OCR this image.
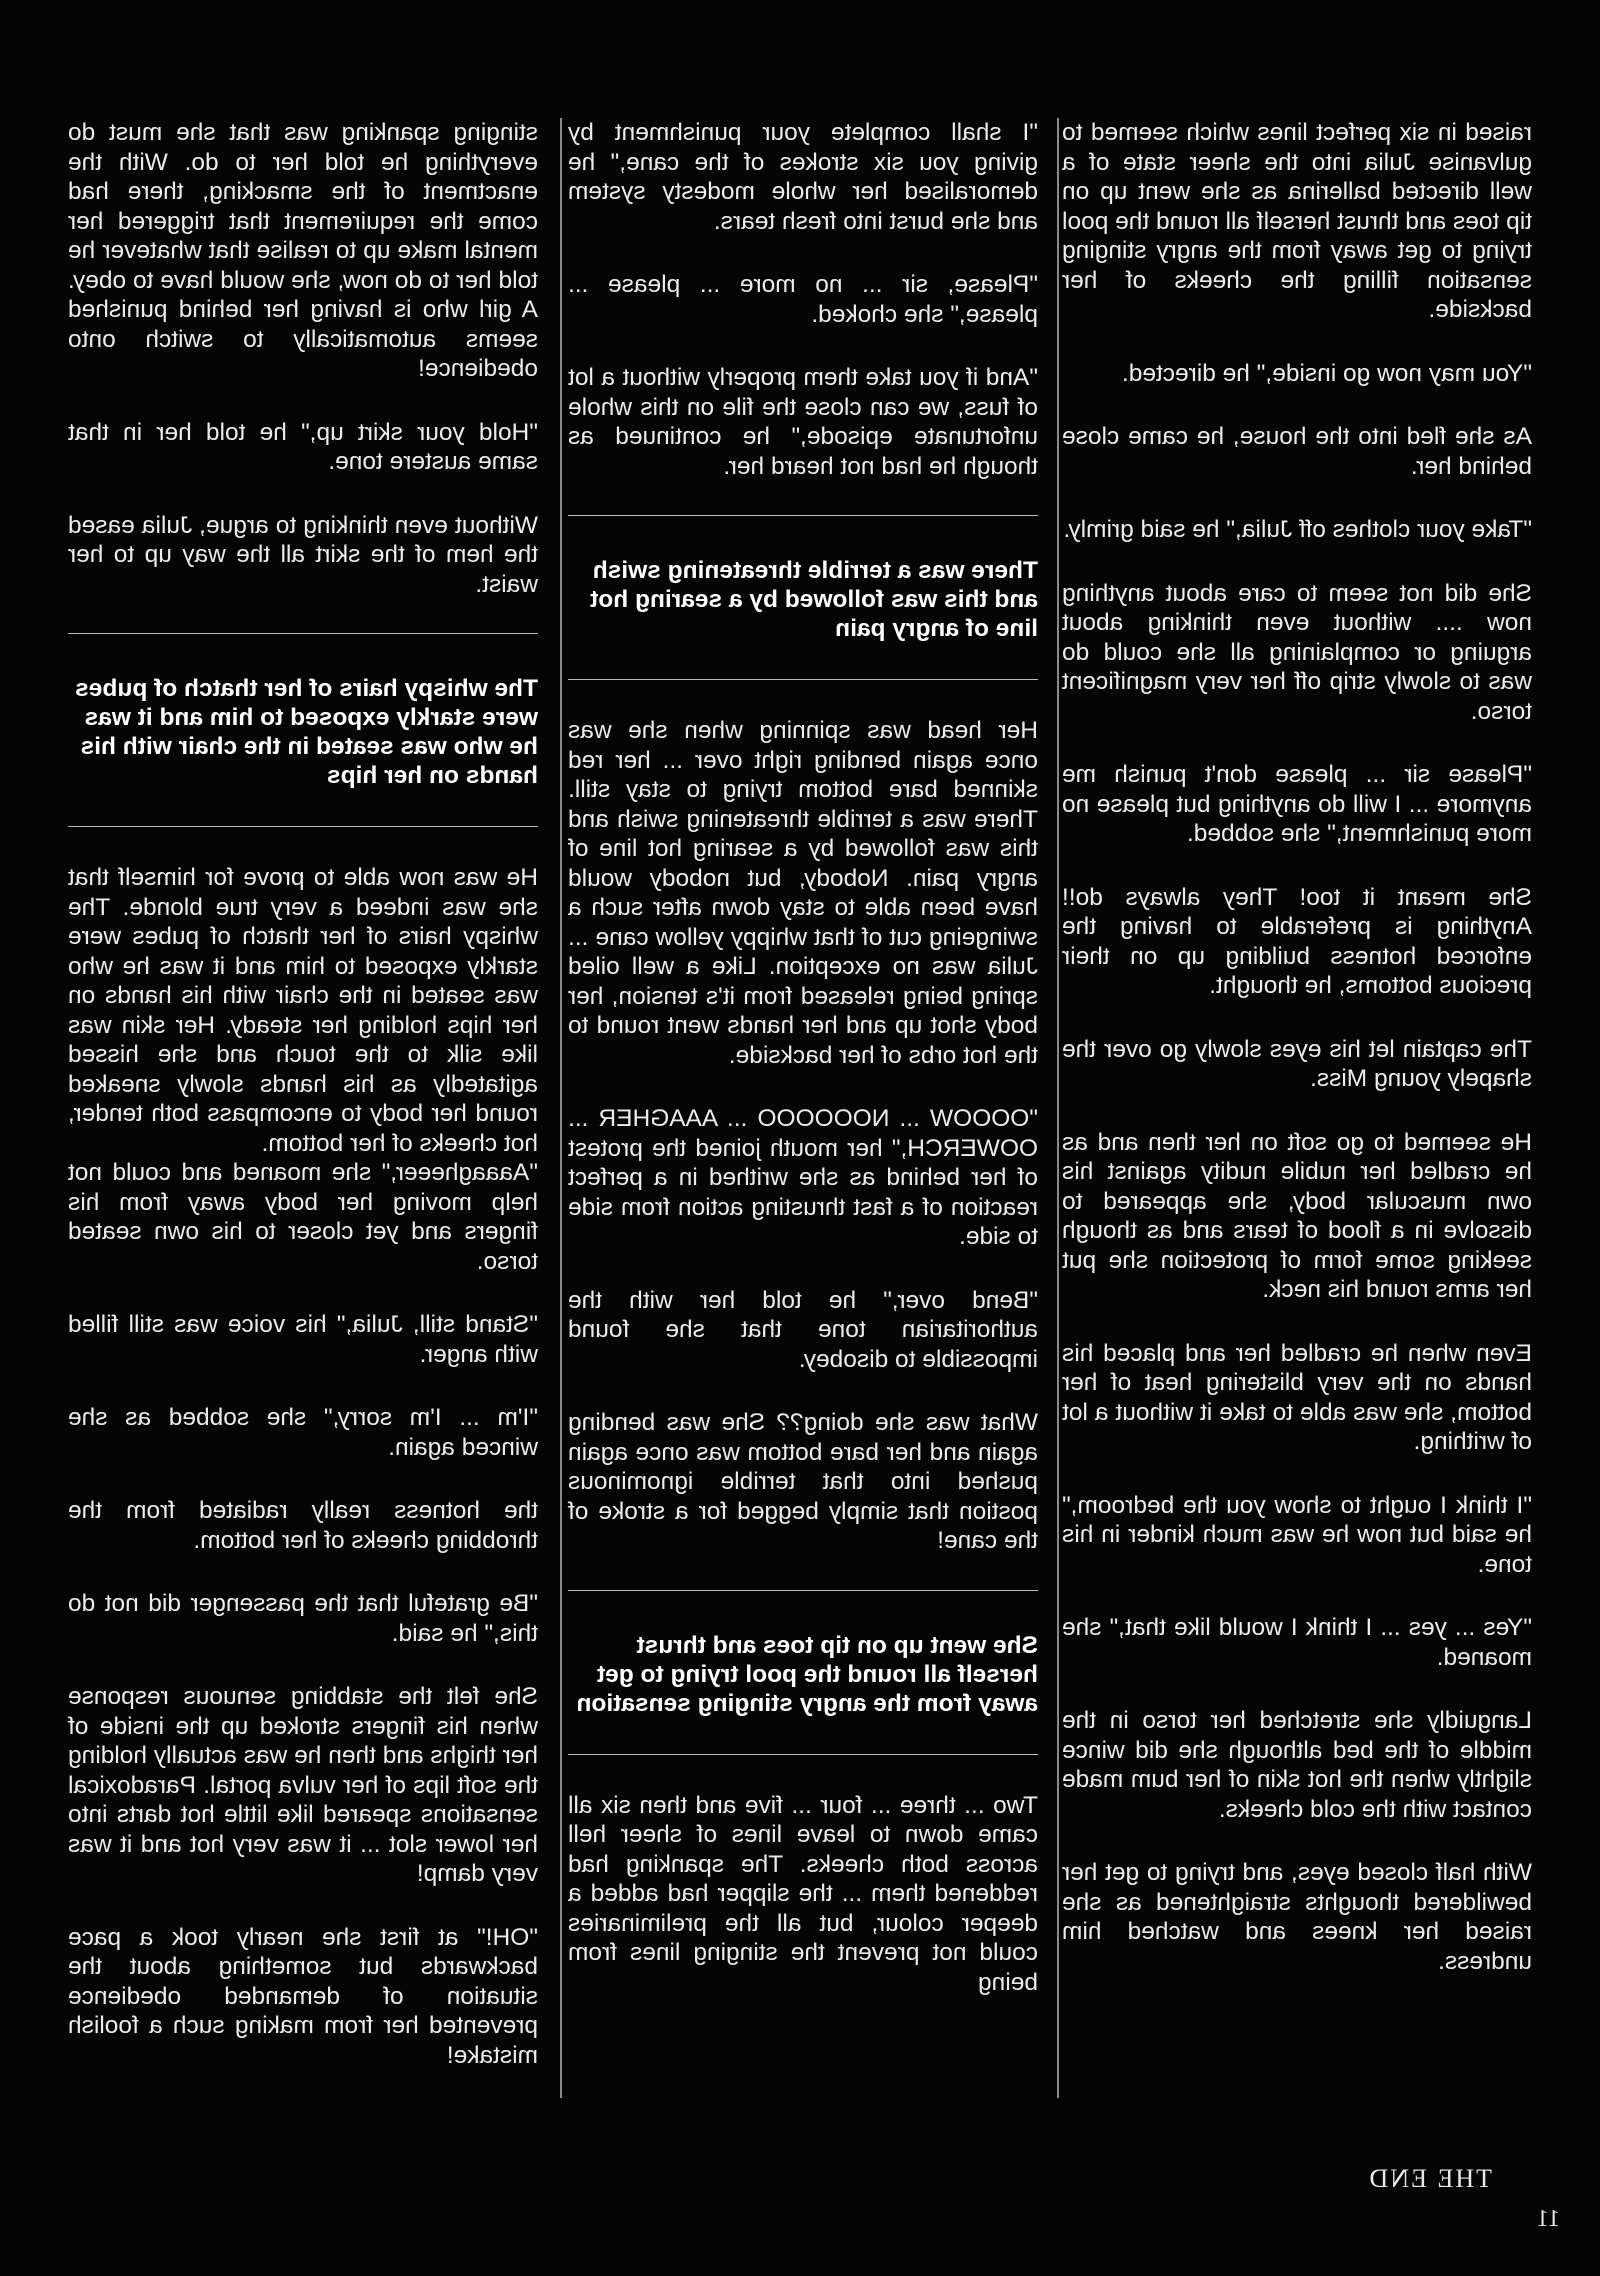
stinging spanking was that she must do everything he told her to do. With the enactment of the smacking, there had come the requirement that triggered her mental make up to realise that whatever he told her to do now, she would have to obey. A girl who is having her behind punished seems automatically to switch onto obedience!

"Hold your skirt up," he told her in that same austere tone.

Without even thinking to argue, Julia eased the hem of the skirt all the way up to her waist.

The whispy hairs of her thatch of pubes were starkly exposed to him and it was he who was seated in the chair with his hands on her hips

He was now able to prove for himself that she was indeed a very true blonde. The whispy hairs of her thatch of pubes were starkly exposed to him and it was he who was seated in the chair with his hands on her hips holding her steady. Her skin was like silk to the touch and she hissed agitatedly as his hands slowly sneaked round her body to encompass both tender, hot cheeks of her bottom.

"Aaaagheeer," she moaned and could not help moving her body away from his fingers and yet closer to his own seated torso.

"Stand still, Julia," his voice was still filled with anger.

"I'm ... I'm sorry," she sobbed as she winced again.

the hotness really radiated from the throbbing cheeks of her bottom.

"Be grateful that the passenger did not do this," he said.

She felt the stabbing senuous response when his fingers stroked up the inside of her thighs and then he was actually holding the soft lips of her vulva portal. Paradoxical sensations speared like little hot darts into her lower slot ... it was very hot and it was very damp!

"OH!" at first she nearly took a pace backwards but something about the situation of demanded obedience prevented her from making such a foolish mistake!

"I shall complete your punishment by giving you six strokes of the cane," he demoralised her whole modesty system and she burst into fresh tears.

"Please, sir ... no more ... please ... please," she choked.

"And if you take them properly without a lot of fuss, we can close the file on this whole unfortunate episode," he continued as though he had not heard her.

There was a terrible threatening swish and this was followed by a searing hot line of angry pain

Her head was spinning when she was once again bending right over ... her red skinned bare bottom trying to stay still. There was a terrible threatening swish and this was followed by a searing hot line of angry pain. Nobody, but nobody would have been able to stay down after such a swingeing cut of that whippy yellow cane ... Julia was no exception. Like a well oiled spring being released from it's tension, her body shot up and her hands went round to the hot orbs of her backside.

"OOOOW ... NOOOOOO ... AAAGHER ... OOWERCH," her mouth joined the protest of her behind as she writhed in a perfect reaction of a fast thrusting action from side to side.

"Bend over," he told her with the authoritarian tone that she found impossible to disobey.

What was she doing?? She was bending again and her bare bottom was once again pushed into that terrible ignominous postion that simply begged for a stroke of the cane!

She went up on tip toes and thrust herself all round the pool trying to get away from the angry stinging sensation

Two ... three ... four ... five and then six all came down to leave lines of sheer hell across both cheeks. The spanking had reddened them ... the slipper had added a deeper colour, but all the preliminaries could not prevent the stinging lines from being

raised in six perfect lines which seemed to gulvanise Julia into the sheer state of a well directed ballerina as she went up on tip toes and thrust herself all round the pool trying to get away from the angry stinging sensation filling the cheeks of her backside.

"You may now go inside," he directed.

As she fled into the house, he came close behind her.

"Take your clothes off Julia," he said grimly.

She did not seem to care about anything now .... without even thinking about arguing or complaining all she could do was to slowly strip off her very magnificent torso.

"Please sir ... please don't punish me anymore ... I will do anything but please no more punishment," she sobbed.

She meant it too! They always do!! Anything is preferable to having the enforced hotness building up on their precious bottoms, he thought.

The captain let his eyes slowly go over the shapely young Miss.

He seemed to go soft on her then and as he cradled her nubile nudity against his own muscular body, she appeared to dissolve in a flood of tears and as though seeking some form of protection she put her arms round his neck.

Even when he cradled her and placed his hands on the very blistering heat of her bottom, she was able to take it without a lot of writhing.

"I think I ought to show you the bedroom," he said but now he was much kinder in his tone.

"Yes ... yes ... I think I would like that," she moaned.

Languidly she stretched her torso in the middle of the bed although she did wince slightly when the hot skin of her bum made contact with the cold cheeks.

With half closed eyes, and trying to get her bewildered thoughts straightened as she raised her knees and watched him undress.

THE END
11
